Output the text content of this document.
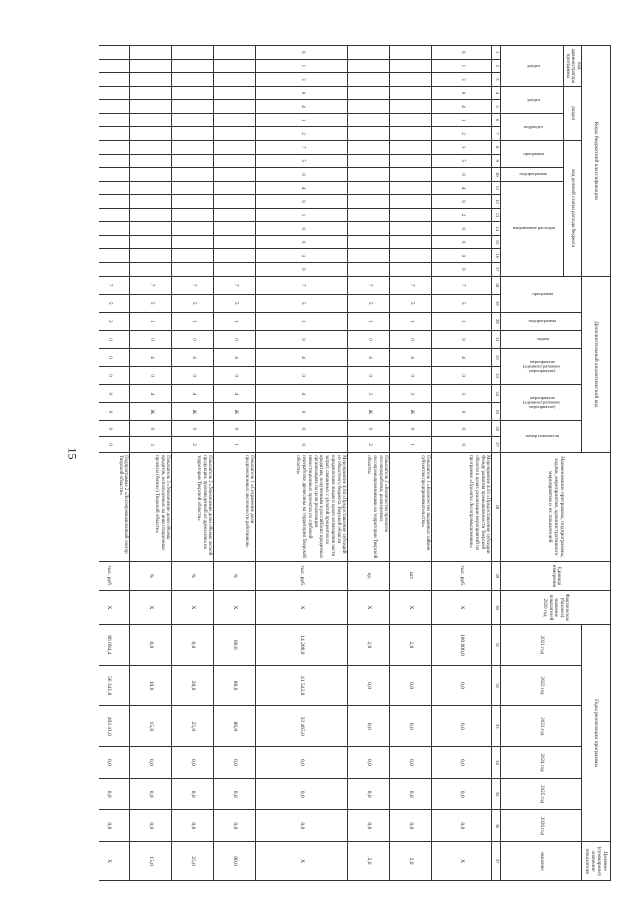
15
Коды бюджетной классификации																	Дополнительный аналитический код										Наименование программы, подпрограммы, задачи, мероприятия, административного мероприятия и их показателей	Единица измерения	Фактическое (базовое) значение показателей 2020 год	Годы реализации программы						Целевое (суммарное) значение показателя
код администратора программы			раздел				код целевой статьи расхода бюджета										программа		подпрограмма	задача	мероприятие (административное мероприятие)		мероприятие (административное мероприятие)		номер показателя					2021 год	2022 год	2023 год	2024 год	2025 год	2026 год	значение
раздел			раздел		подраздел		программа		подпрограмма	направление расходов																										
1	2	3	4	5	6	7	8	9	10	11	12	13	14	15	16	17	18	19	20	21	22	23	24	25	26	27	28	29	30	31	32	33	34	35	36	37
0	1	3	0	4	1	2	3	5	0	4	0	2	0	0	0	0	7	5	1	0	4	0	3	0	0	0	Мероприятие 4.03 «Предоставление субсидии Фонду развития промышленности Тверской области в целях реализации мероприятий по программе «Проекты Лесопромышленник»	тыс. руб.	X	100 000,0	0,0	0,0	0,0	0,0	0,0	X
																	7	5	1	0	4	0	3	Ж	0	1	Показатель 1 «Количество выданных займов субъектам предпринимательства»	шт.	X	2,0	0,0	0,0	0,0	0,0	0,0	2,0
																	7	5	1	0	4	0	3	Ж	0	2	Показатель 2 «Количество проектов лесопереработки, реализуемых лесопромышленниками на территории Тверской области»	ед.	X	2,0	0,0	0,0	0,0	0,0	0,0	2,0
0	1	3	0	4	1	2	7	5	0	4	0	1	0	0	3	0	7	5	1	0	4	0	4	0	0	0	Мероприятие 4.04 «Предоставление субсидий из областного бюджета Тверской области юридическим лицам в целях возмещения части затрат, связанных с уплатой процентов по кредитам, полученным в российских кредитных организациях на цели реализации инвестиционных проектов по глубокой переработке древесины на территории Тверской области»	тыс. руб.	X	14 200,0	41 542,8	33 465,0	0,0	0,0	0,0	X
																	7	5	1	0	4	0	4	Ж	0	1	Показатель 1 «Сохранение доли предпенсионных численности работников»	%	X	80,0	80,0	80,0	0,0	0,0	0,0	80,0
																	7	5	1	0	4	0	4	Ж	0	2	Показатель 2 «Увеличение доли объема лесной продукции, произведенной из древесины на территории Тверской области»	%	X	0,0	20,0	25,0	0,0	0,0	0,0	25,0
																	7	5	1	0	4	0	4	Ж	0	3	Показатель 3 «Увеличение доли объема кредитов, используемых на инвестиционные проекты (бизнес) Тверской области»	%	X	0,0	10,0	15,0	0,0	0,0	0,0	15,0
																	7	5	2	0	0	0	0	0	0	0	Подпрограмма 2 «Лесопромышленный сектор Тверской области»	тыс. руб.	X	86 094,4	56 341,8	403 41,0	0,0	0,0	0,0	X
